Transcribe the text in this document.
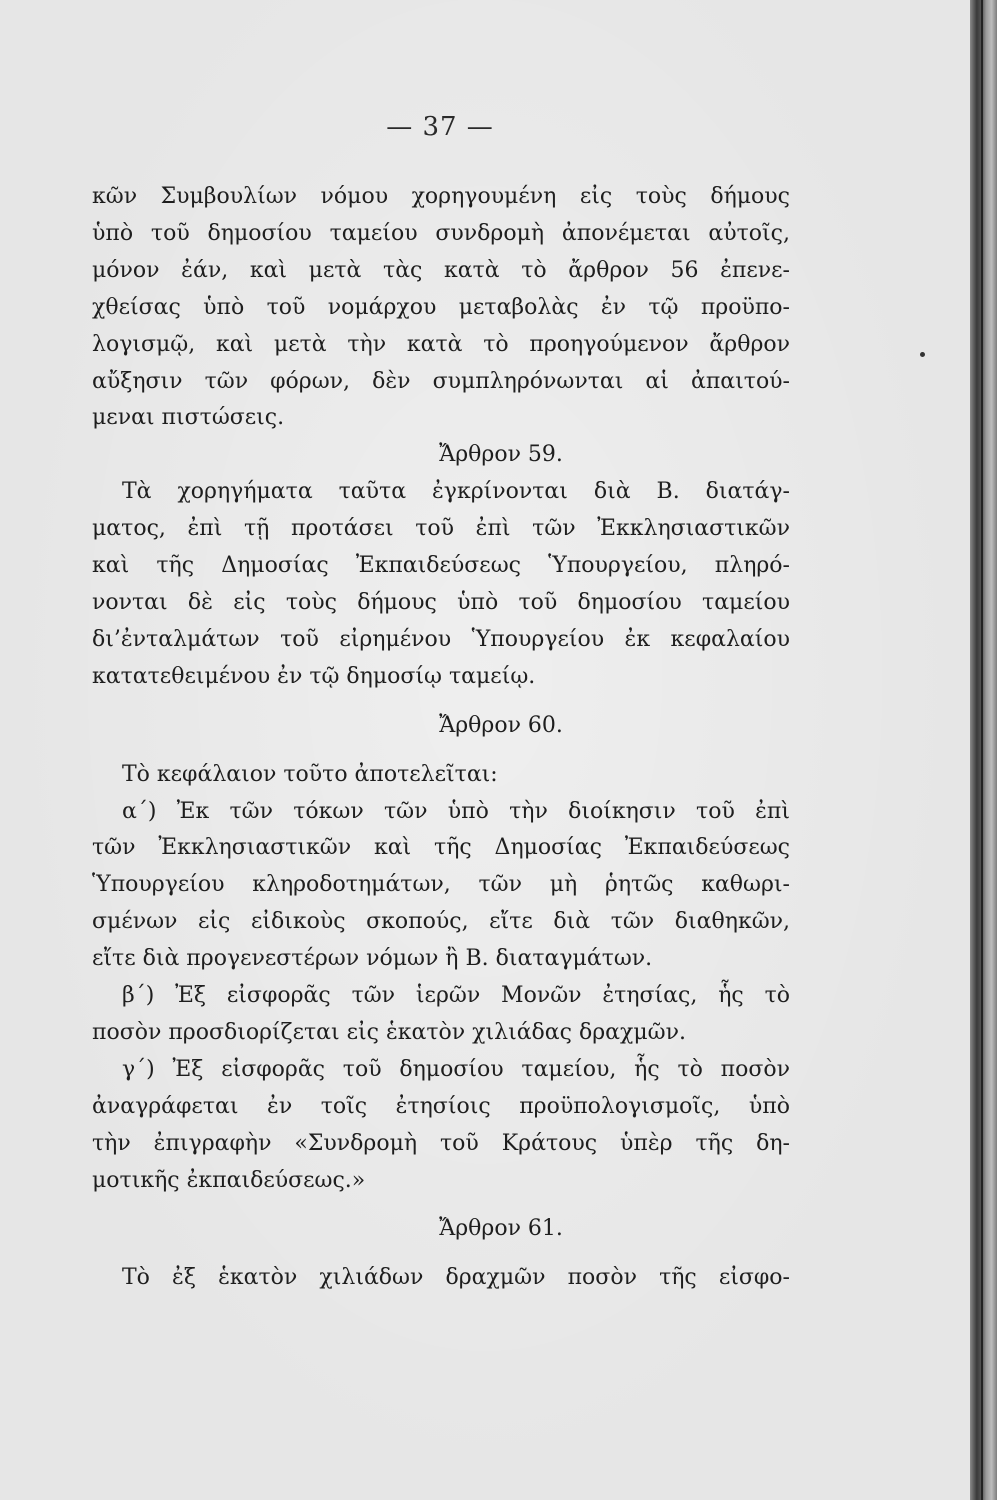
— 37 —
κῶν Συμβουλίων νόμου χορηγουμένη εἰς τοὺς δήμους
ὑπὸ τοῦ δημοσίου ταμείου συνδρομὴ ἀπονέμεται αὐτοῖς,
μόνον ἐάν, καὶ μετὰ τὰς κατὰ τὸ ἄρθρον 56 ἐπενε-
χθείσας ὑπὸ τοῦ νομάρχου μεταβολὰς ἐν τῷ προϋπο-
λογισμῷ, καὶ μετὰ τὴν κατὰ τὸ προηγούμενον ἄρθρον
αὔξησιν τῶν φόρων, δὲν συμπληρόνωνται αἱ ἀπαιτού-
μεναι πιστώσεις.
Ἄρθρον 59.
Τὰ χορηγήματα ταῦτα ἐγκρίνονται διὰ Β. διατάγ-
ματος, ἐπὶ τῇ προτάσει τοῦ ἐπὶ τῶν Ἐκκλησιαστικῶν
καὶ τῆς Δημοσίας Ἐκπαιδεύσεως Ὑπουργείου, πληρό-
νονται δὲ εἰς τοὺς δήμους ὑπὸ τοῦ δημοσίου ταμείου
δι’ἐνταλμάτων τοῦ εἰρημένου Ὑπουργείου ἐκ κεφαλαίου
κατατεθειμένου ἐν τῷ δημοσίῳ ταμείῳ.
Ἄρθρον 60.
Τὸ κεφάλαιον τοῦτο ἀποτελεῖται:
α΄) Ἐκ τῶν τόκων τῶν ὑπὸ τὴν διοίκησιν τοῦ ἐπὶ
τῶν Ἐκκλησιαστικῶν καὶ τῆς Δημοσίας Ἐκπαιδεύσεως
Ὑπουργείου κληροδοτημάτων, τῶν μὴ ῥητῶς καθωρι-
σμένων εἰς εἰδικοὺς σκοπούς, εἴτε διὰ τῶν διαθηκῶν,
εἴτε διὰ προγενεστέρων νόμων ἢ Β. διαταγμάτων.
β΄) Ἐξ εἰσφορᾶς τῶν ἱερῶν Μονῶν ἐτησίας, ἧς τὸ
ποσὸν προσδιορίζεται εἰς ἑκατὸν χιλιάδας δραχμῶν.
γ΄) Ἐξ εἰσφορᾶς τοῦ δημοσίου ταμείου, ἧς τὸ ποσὸν
ἀναγράφεται ἐν τοῖς ἐτησίοις προϋπολογισμοῖς, ὑπὸ
τὴν ἐπιγραφὴν «Συνδρομὴ τοῦ Κράτους ὑπὲρ τῆς δη-
μοτικῆς ἐκπαιδεύσεως.»
Ἄρθρον 61.
Τὸ ἐξ ἑκατὸν χιλιάδων δραχμῶν ποσὸν τῆς εἰσφο-
